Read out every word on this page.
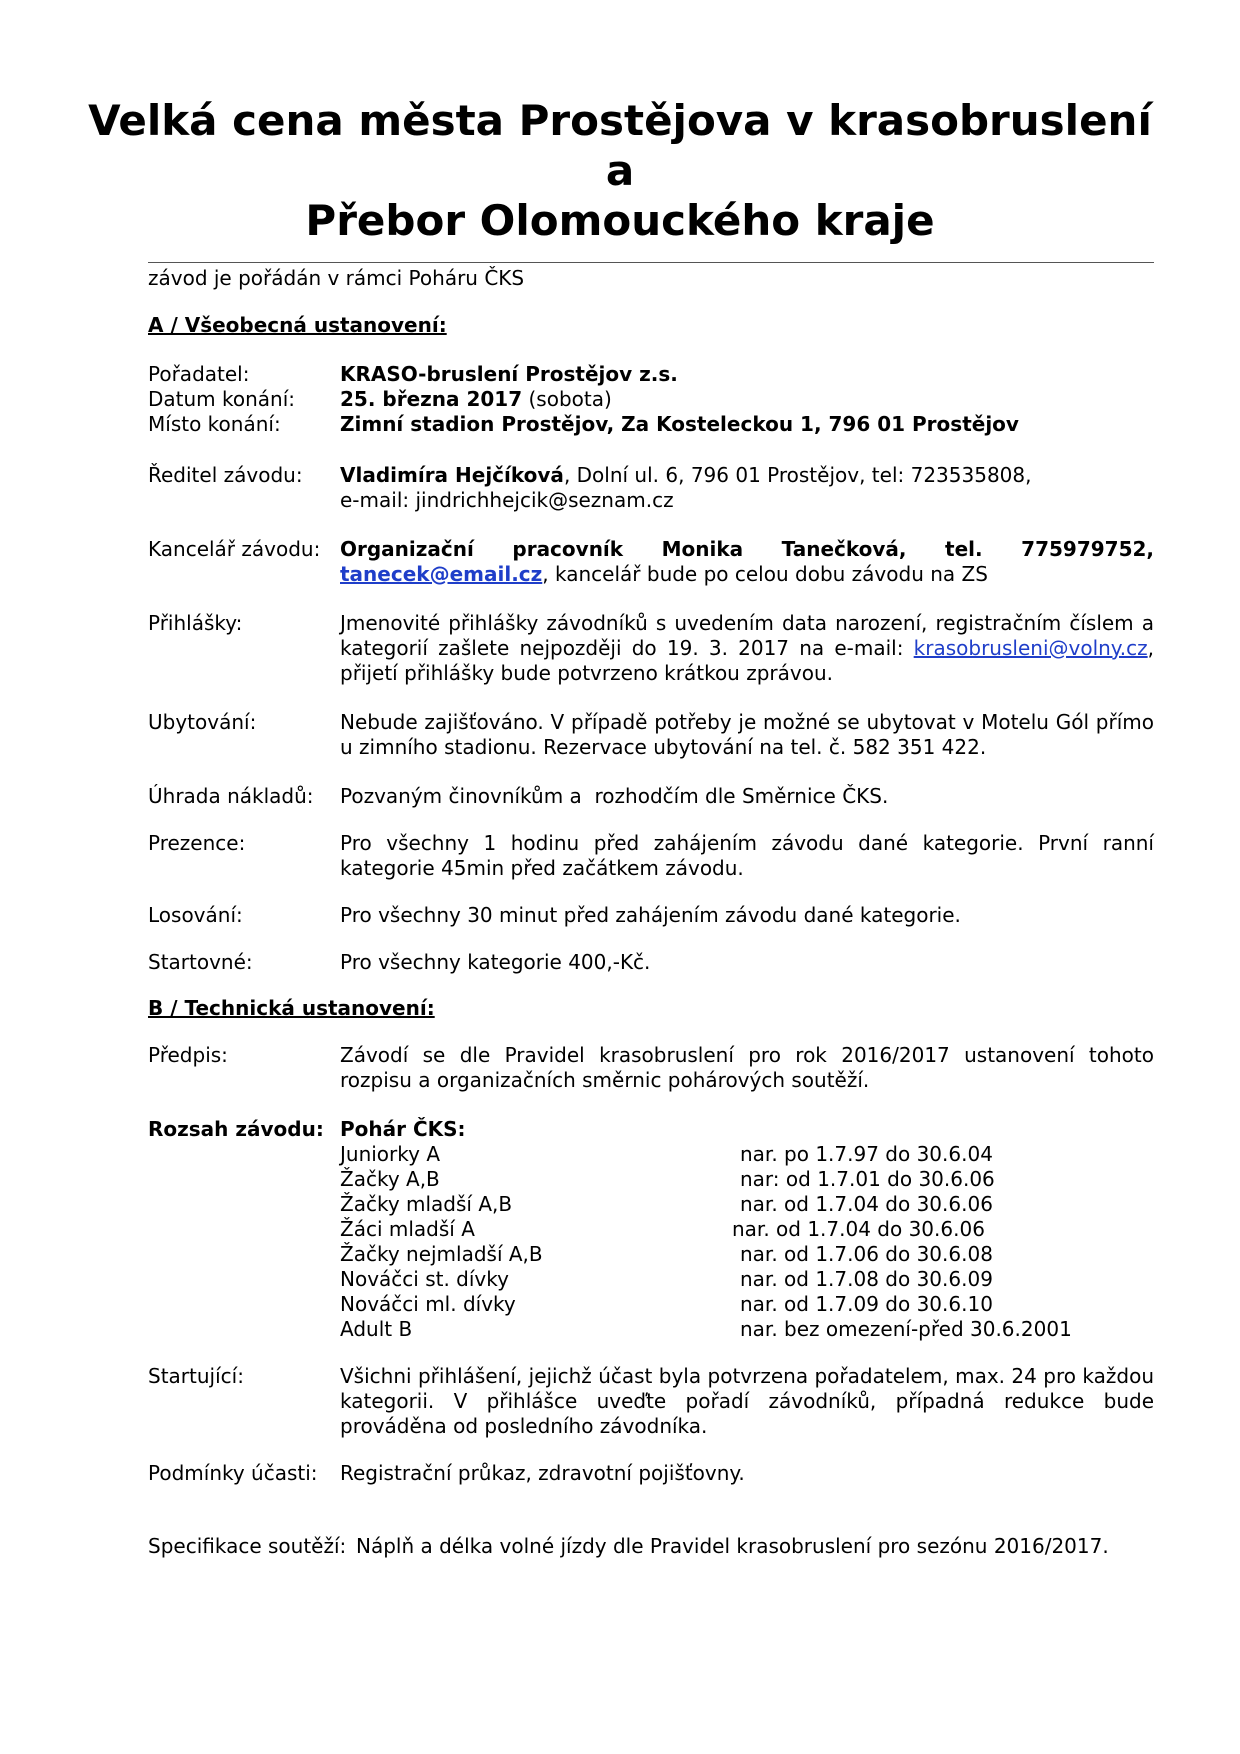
Velká cena města Prostějova v krasobruslení
a
Přebor Olomouckého kraje

závod je pořádán v rámci Poháru ČKS

A / Všeobecná ustanovení:

Pořadatel:	KRASO-bruslení Prostějov z.s.
Datum konání:	25. března 2017 (sobota)
Místo konání:	Zimní stadion Prostějov, Za Kosteleckou 1, 796 01 Prostějov
Ředitel závodu:	Vladimíra Hejčíková, Dolní ul. 6, 796 01 Prostějov, tel: 723535808,
e-mail: jindrichhejcik@seznam.cz
Kancelář závodu: Organizační pracovník Monika Tanečková, tel. 775979752,
tanecek@email.cz, kancelář bude po celou dobu závodu na ZS
Přihlášky:	Jmenovité přihlášky závodníků s uvedením data narození, registračním číslem a kategorií zašlete nejpozději do 19. 3. 2017 na e-mail: krasobrusleni@volny.cz, přijetí přihlášky bude potvrzeno krátkou zprávou.
Ubytování:	Nebude zajišťováno. V případě potřeby je možné se ubytovat v Motelu Gól přímo u zimního stadionu. Rezervace ubytování na tel. č. 582 351 422.
Úhrada nákladů:	Pozvaným činovníkům a  rozhodčím dle Směrnice ČKS.
Prezence:	Pro všechny 1 hodinu před zahájením závodu dané kategorie. První ranní kategorie 45min před začátkem závodu.
Losování:	Pro všechny 30 minut před zahájením závodu dané kategorie.
Startovné:	Pro všechny kategorie 400,-Kč.

B / Technická ustanovení:

Předpis:	Závodí se dle Pravidel krasobruslení pro rok 2016/2017 ustanovení tohoto rozpisu a organizačních směrnic pohárových soutěží.
Rozsah závodu: Pohár ČKS:
Juniorky A	nar. po 1.7.97 do 30.6.04
Žačky A,B	nar: od 1.7.01 do 30.6.06
Žačky mladší A,B	nar. od 1.7.04 do 30.6.06
Žáci mladší A	nar. od 1.7.04 do 30.6.06
Žačky nejmladší A,B	nar. od 1.7.06 do 30.6.08
Nováčci st. dívky	nar. od 1.7.08 do 30.6.09
Nováčci ml. dívky	nar. od 1.7.09 do 30.6.10
Adult B	nar. bez omezení-před 30.6.2001
Startující:	Všichni přihlášení, jejichž účast byla potvrzena pořadatelem, max. 24 pro každou kategorii. V přihlášce uveďte pořadí závodníků, případná redukce bude prováděna od posledního závodníka.
Podmínky účasti:	Registrační průkaz, zdravotní pojišťovny.
Specifikace soutěží: Náplň a délka volné jízdy dle Pravidel krasobruslení pro sezónu 2016/2017.
